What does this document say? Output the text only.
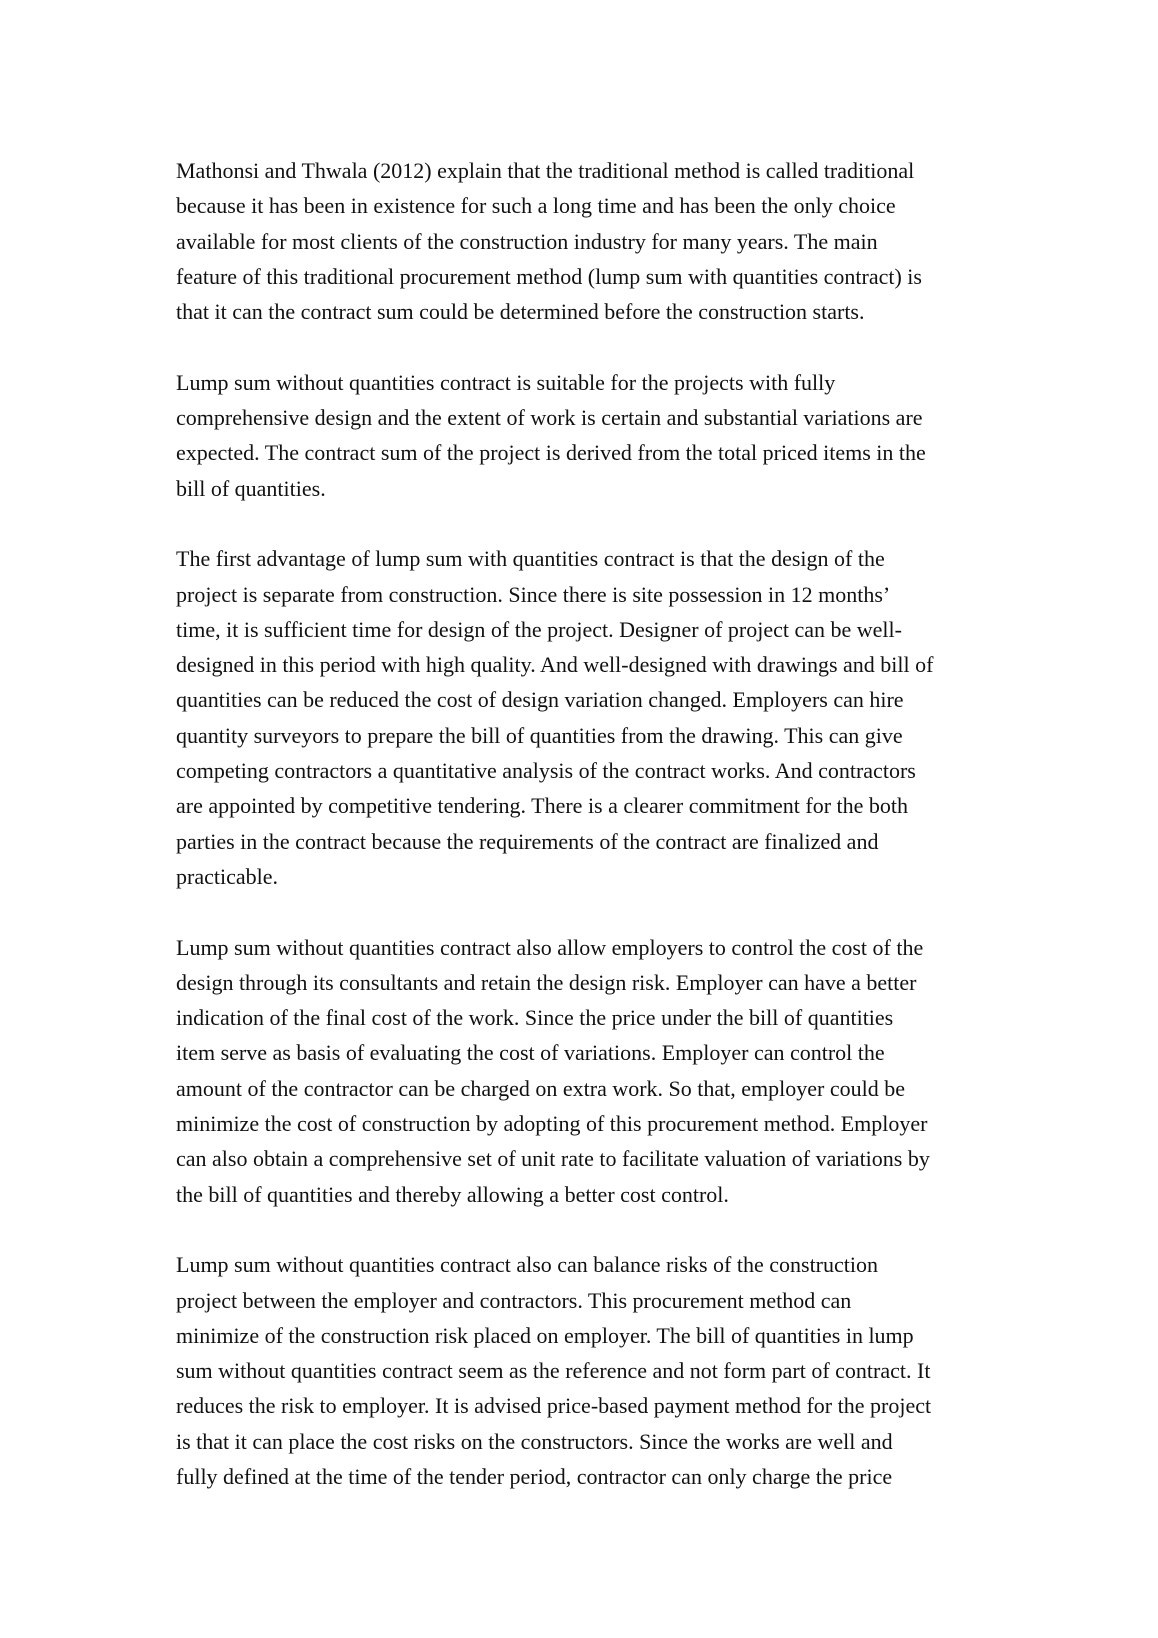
Mathonsi and Thwala (2012) explain that the traditional method is called traditional
because it has been in existence for such a long time and has been the only choice
available for most clients of the construction industry for many years. The main
feature of this traditional procurement method (lump sum with quantities contract) is
that it can the contract sum could be determined before the construction starts.
Lump sum without quantities contract is suitable for the projects with fully
comprehensive design and the extent of work is certain and substantial variations are
expected. The contract sum of the project is derived from the total priced items in the
bill of quantities.
The first advantage of lump sum with quantities contract is that the design of the
project is separate from construction. Since there is site possession in 12 months’
time, it is sufficient time for design of the project. Designer of project can be well-
designed in this period with high quality. And well-designed with drawings and bill of
quantities can be reduced the cost of design variation changed. Employers can hire
quantity surveyors to prepare the bill of quantities from the drawing. This can give
competing contractors a quantitative analysis of the contract works. And contractors
are appointed by competitive tendering. There is a clearer commitment for the both
parties in the contract because the requirements of the contract are finalized and
practicable.
Lump sum without quantities contract also allow employers to control the cost of the
design through its consultants and retain the design risk. Employer can have a better
indication of the final cost of the work. Since the price under the bill of quantities
item serve as basis of evaluating the cost of variations. Employer can control the
amount of the contractor can be charged on extra work. So that, employer could be
minimize the cost of construction by adopting of this procurement method. Employer
can also obtain a comprehensive set of unit rate to facilitate valuation of variations by
the bill of quantities and thereby allowing a better cost control.
Lump sum without quantities contract also can balance risks of the construction
project between the employer and contractors. This procurement method can
minimize of the construction risk placed on employer. The bill of quantities in lump
sum without quantities contract seem as the reference and not form part of contract. It
reduces the risk to employer. It is advised price-based payment method for the project
is that it can place the cost risks on the constructors. Since the works are well and
fully defined at the time of the tender period, contractor can only charge the price
